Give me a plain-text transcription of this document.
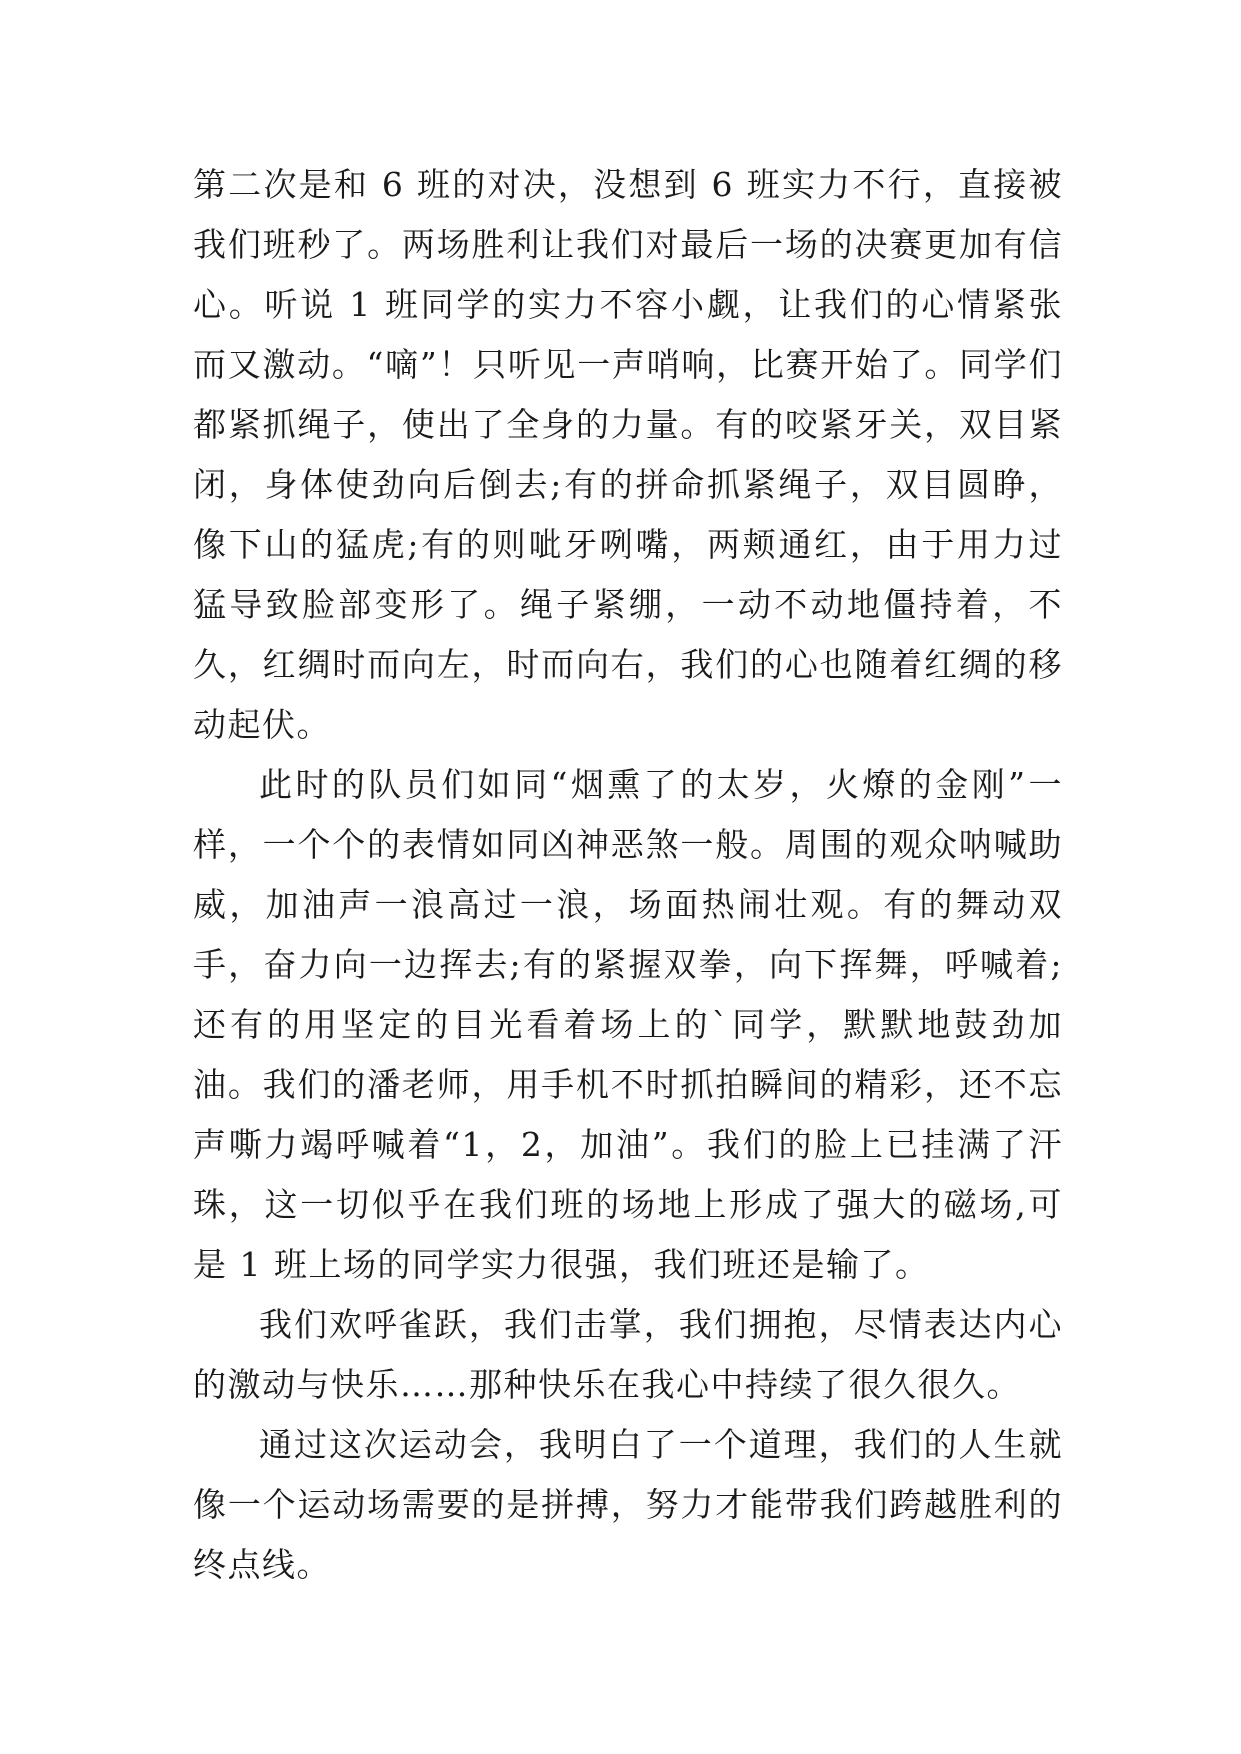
第二次是和 6 班的对决，没想到 6 班实力不行，直接被我们班秒了。两场胜利让我们对最后一场的决赛更加有信心。听说 1 班同学的实力不容小觑，让我们的心情紧张而又激动。“嘀”！只听见一声哨响，比赛开始了。同学们都紧抓绳子，使出了全身的力量。有的咬紧牙关，双目紧闭，身体使劲向后倒去;有的拼命抓紧绳子，双目圆睁，像下山的猛虎;有的则呲牙咧嘴，两颊通红，由于用力过猛导致脸部变形了。绳子紧绷，一动不动地僵持着，不久，红绸时而向左，时而向右，我们的心也随着红绸的移动起伏。

此时的队员们如同“烟熏了的太岁，火燎的金刚”一样，一个个的表情如同凶神恶煞一般。周围的观众呐喊助威，加油声一浪高过一浪，场面热闹壮观。有的舞动双手，奋力向一边挥去;有的紧握双拳，向下挥舞，呼喊着;还有的用坚定的目光看着场上的`同学，默默地鼓劲加油。我们的潘老师，用手机不时抓拍瞬间的精彩，还不忘声嘶力竭呼喊着“1，2，加油”。我们的脸上已挂满了汗珠，这一切似乎在我们班的场地上形成了强大的磁场,可是 1 班上场的同学实力很强，我们班还是输了。

我们欢呼雀跃，我们击掌，我们拥抱，尽情表达内心的激动与快乐……那种快乐在我心中持续了很久很久。

通过这次运动会，我明白了一个道理，我们的人生就像一个运动场需要的是拼搏，努力才能带我们跨越胜利的终点线。
